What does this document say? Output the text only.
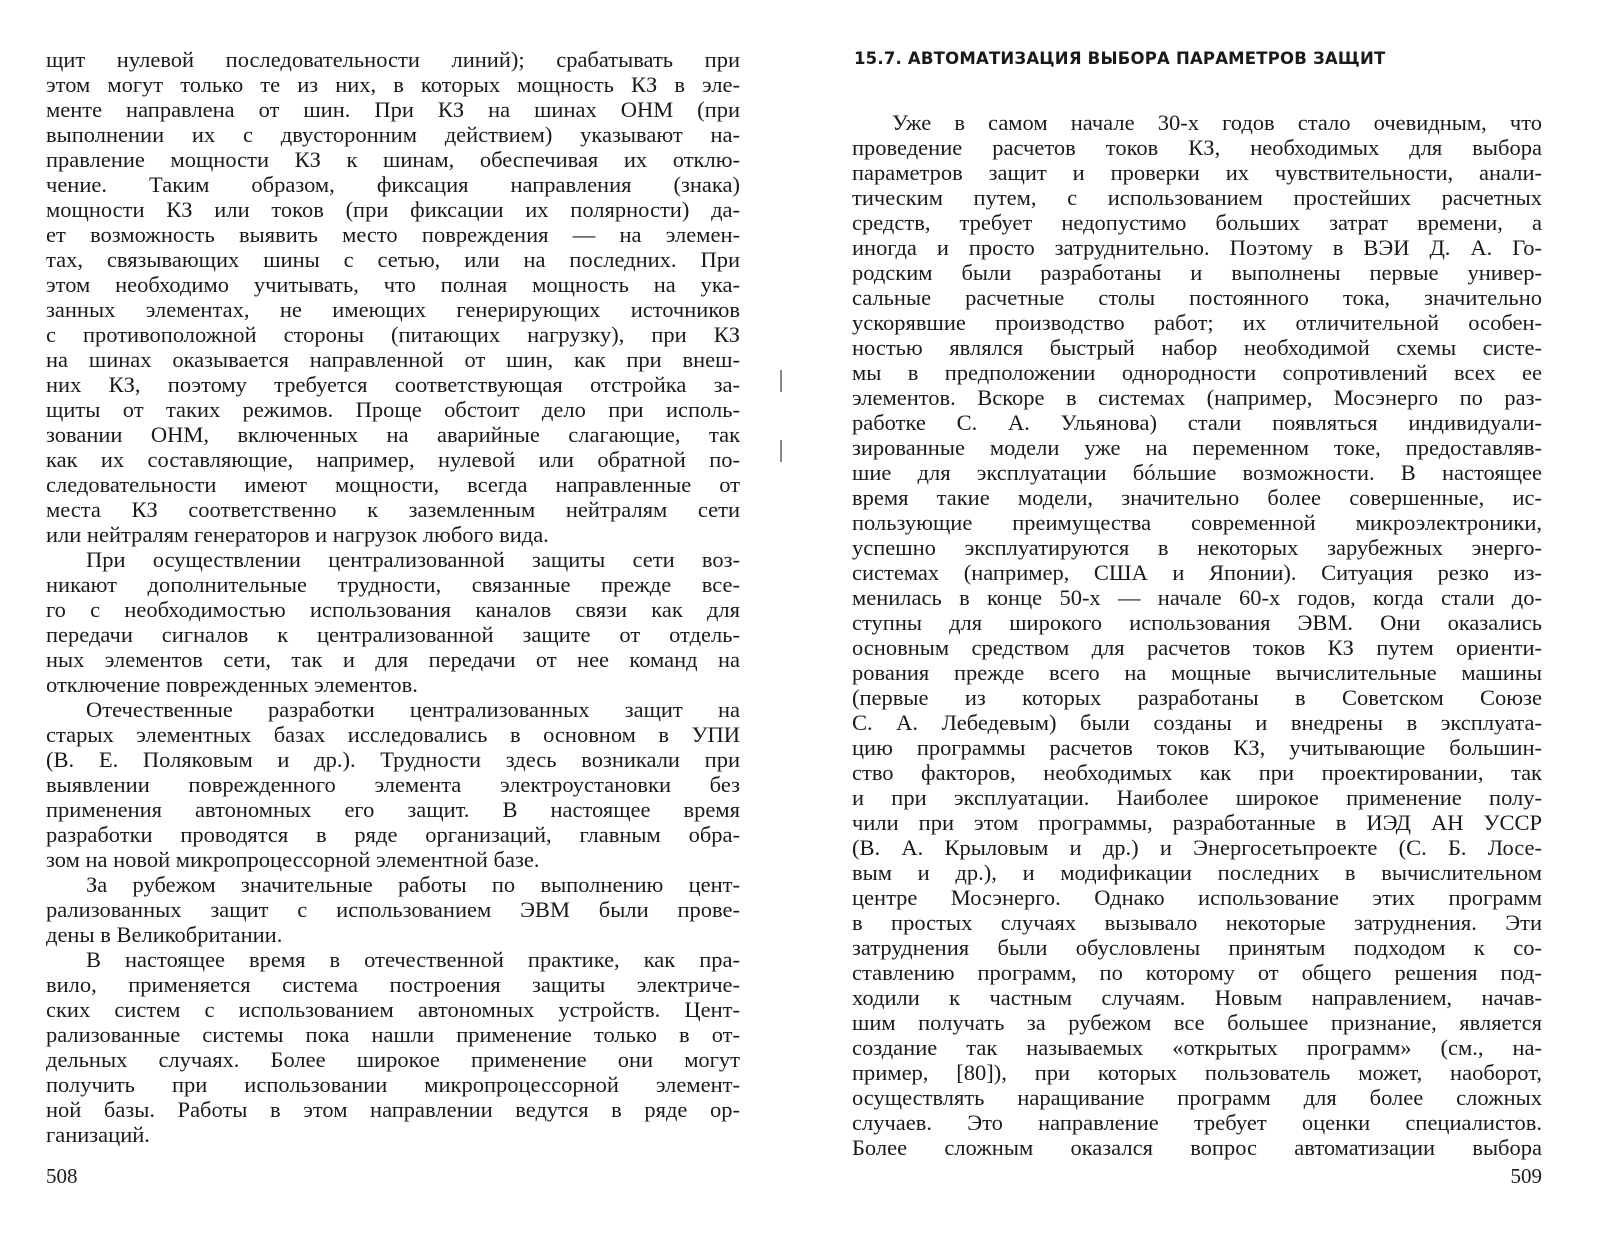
щит нулевой последовательности линий); срабатывать при
этом могут только те из них, в которых мощность КЗ в эле-
менте направлена от шин. При КЗ на шинах ОНМ (при
выполнении их с двусторонним действием) указывают на-
правление мощности КЗ к шинам, обеспечивая их отклю-
чение. Таким образом, фиксация направления (знака)
мощности КЗ или токов (при фиксации их полярности) да-
ет возможность выявить место повреждения — на элемен-
тах, связывающих шины с сетью, или на последних. При
этом необходимо учитывать, что полная мощность на ука-
занных элементах, не имеющих генерирующих источников
с противоположной стороны (питающих нагрузку), при КЗ
на шинах оказывается направленной от шин, как при внеш-
них КЗ, поэтому требуется соответствующая отстройка за-
щиты от таких режимов. Проще обстоит дело при исполь-
зовании ОНМ, включенных на аварийные слагающие, так
как их составляющие, например, нулевой или обратной по-
следовательности имеют мощности, всегда направленные от
места КЗ соответственно к заземленным нейтралям сети
или нейтралям генераторов и нагрузок любого вида.
При осуществлении централизованной защиты сети воз-
никают дополнительные трудности, связанные прежде все-
го с необходимостью использования каналов связи как для
передачи сигналов к централизованной защите от отдель-
ных элементов сети, так и для передачи от нее команд на
отключение поврежденных элементов.
Отечественные разработки централизованных защит на
старых элементных базах исследовались в основном в УПИ
(В. Е. Поляковым и др.). Трудности здесь возникали при
выявлении поврежденного элемента электроустановки без
применения автономных его защит. В настоящее время
разработки проводятся в ряде организаций, главным обра-
зом на новой микропроцессорной элементной базе.
За рубежом значительные работы по выполнению цент-
рализованных защит с использованием ЭВМ были прове-
дены в Великобритании.
В настоящее время в отечественной практике, как пра-
вило, применяется система построения защиты электриче-
ских систем с использованием автономных устройств. Цент-
рализованные системы пока нашли применение только в от-
дельных случаях. Более широкое применение они могут
получить при использовании микропроцессорной элемент-
ной базы. Работы в этом направлении ведутся в ряде ор-
ганизаций.
508
15.7. АВТОМАТИЗАЦИЯ ВЫБОРА ПАРАМЕТРОВ ЗАЩИТ
Уже в самом начале 30-х годов стало очевидным, что
проведение расчетов токов КЗ, необходимых для выбора
параметров защит и проверки их чувствительности, анали-
тическим путем, с использованием простейших расчетных
средств, требует недопустимо больших затрат времени, а
иногда и просто затруднительно. Поэтому в ВЭИ Д. А. Го-
родским были разработаны и выполнены первые универ-
сальные расчетные столы постоянного тока, значительно
ускорявшие производство работ; их отличительной особен-
ностью являлся быстрый набор необходимой схемы систе-
мы в предположении однородности сопротивлений всех ее
элементов. Вскоре в системах (например, Мосэнерго по раз-
работке С. А. Ульянова) стали появляться индивидуали-
зированные модели уже на переменном токе, предоставляв-
шие для эксплуатации бóльшие возможности. В настоящее
время такие модели, значительно более совершенные, ис-
пользующие преимущества современной микроэлектроники,
успешно эксплуатируются в некоторых зарубежных энерго-
системах (например, США и Японии). Ситуация резко из-
менилась в конце 50-х — начале 60-х годов, когда стали до-
ступны для широкого использования ЭВМ. Они оказались
основным средством для расчетов токов КЗ путем ориенти-
рования прежде всего на мощные вычислительные машины
(первые из которых разработаны в Советском Союзе
С. А. Лебедевым) были созданы и внедрены в эксплуата-
цию программы расчетов токов КЗ, учитывающие большин-
ство факторов, необходимых как при проектировании, так
и при эксплуатации. Наиболее широкое применение полу-
чили при этом программы, разработанные в ИЭД АН УССР
(В. А. Крыловым и др.) и Энергосетьпроекте (С. Б. Лосе-
вым и др.), и модификации последних в вычислительном
центре Мосэнерго. Однако использование этих программ
в простых случаях вызывало некоторые затруднения. Эти
затруднения были обусловлены принятым подходом к со-
ставлению программ, по которому от общего решения под-
ходили к частным случаям. Новым направлением, начав-
шим получать за рубежом все большее признание, является
создание так называемых «открытых программ» (см., на-
пример, [80]), при которых пользователь может, наоборот,
осуществлять наращивание программ для более сложных
случаев. Это направление требует оценки специалистов.
Более сложным оказался вопрос автоматизации выбора
509
